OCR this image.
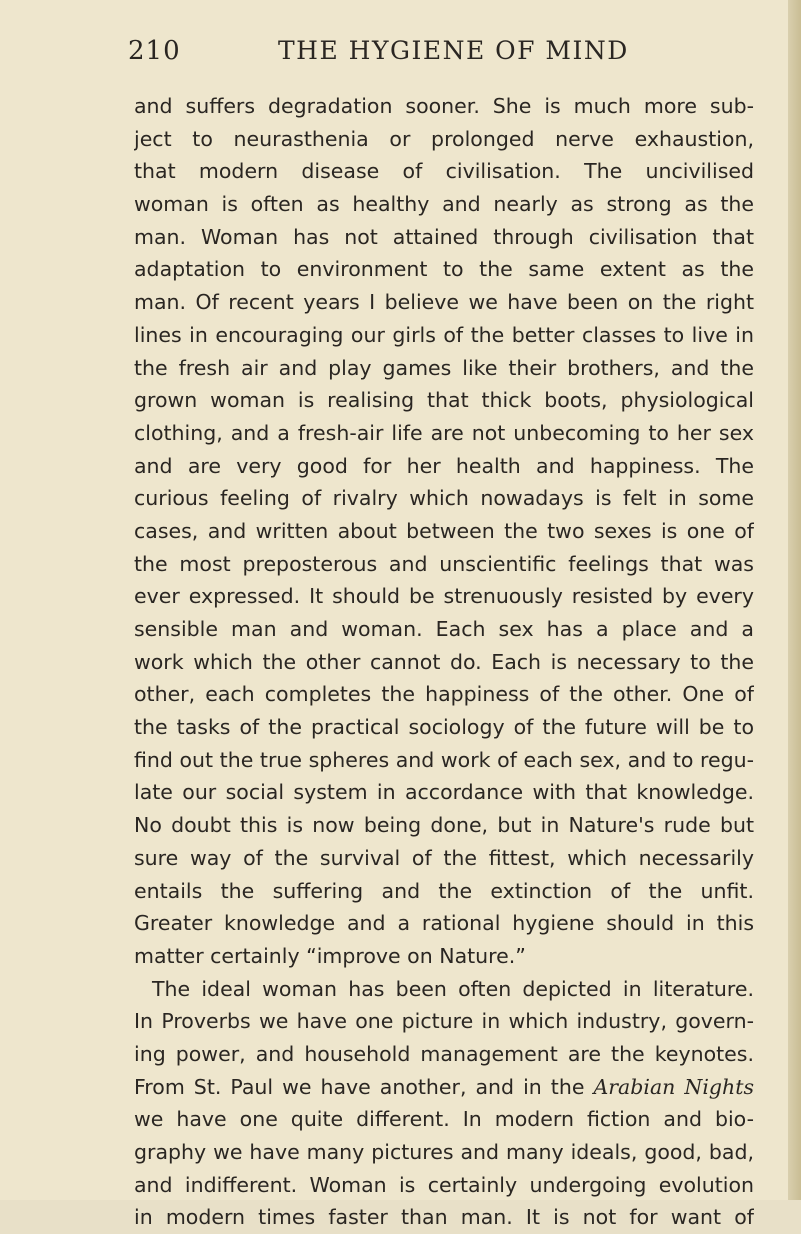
210	THE HYGIENE OF MIND
and suffers degradation sooner. She is much more sub-
ject to neurasthenia or prolonged nerve exhaustion,
that modern disease of civilisation. The uncivilised
woman is often as healthy and nearly as strong as the
man. Woman has not attained through civilisation that
adaptation to environment to the same extent as the
man. Of recent years I believe we have been on the right
lines in encouraging our girls of the better classes to live in
the fresh air and play games like their brothers, and the
grown woman is realising that thick boots, physiological
clothing, and a fresh-air life are not unbecoming to her sex
and are very good for her health and happiness. The
curious feeling of rivalry which nowadays is felt in some
cases, and written about between the two sexes is one of
the most preposterous and unscientific feelings that was
ever expressed. It should be strenuously resisted by every
sensible man and woman. Each sex has a place and a
work which the other cannot do. Each is necessary to the
other, each completes the happiness of the other. One of
the tasks of the practical sociology of the future will be to
find out the true spheres and work of each sex, and to regu-
late our social system in accordance with that knowledge.
No doubt this is now being done, but in Nature's rude but
sure way of the survival of the fittest, which necessarily
entails the suffering and the extinction of the unfit.
Greater knowledge and a rational hygiene should in this
matter certainly “improve on Nature.”
The ideal woman has been often depicted in literature.
In Proverbs we have one picture in which industry, govern-
ing power, and household management are the keynotes.
From St. Paul we have another, and in the Arabian Nights
we have one quite different. In modern fiction and bio-
graphy we have many pictures and many ideals, good, bad,
and indifferent. Woman is certainly undergoing evolution
in modern times faster than man. It is not for want of
